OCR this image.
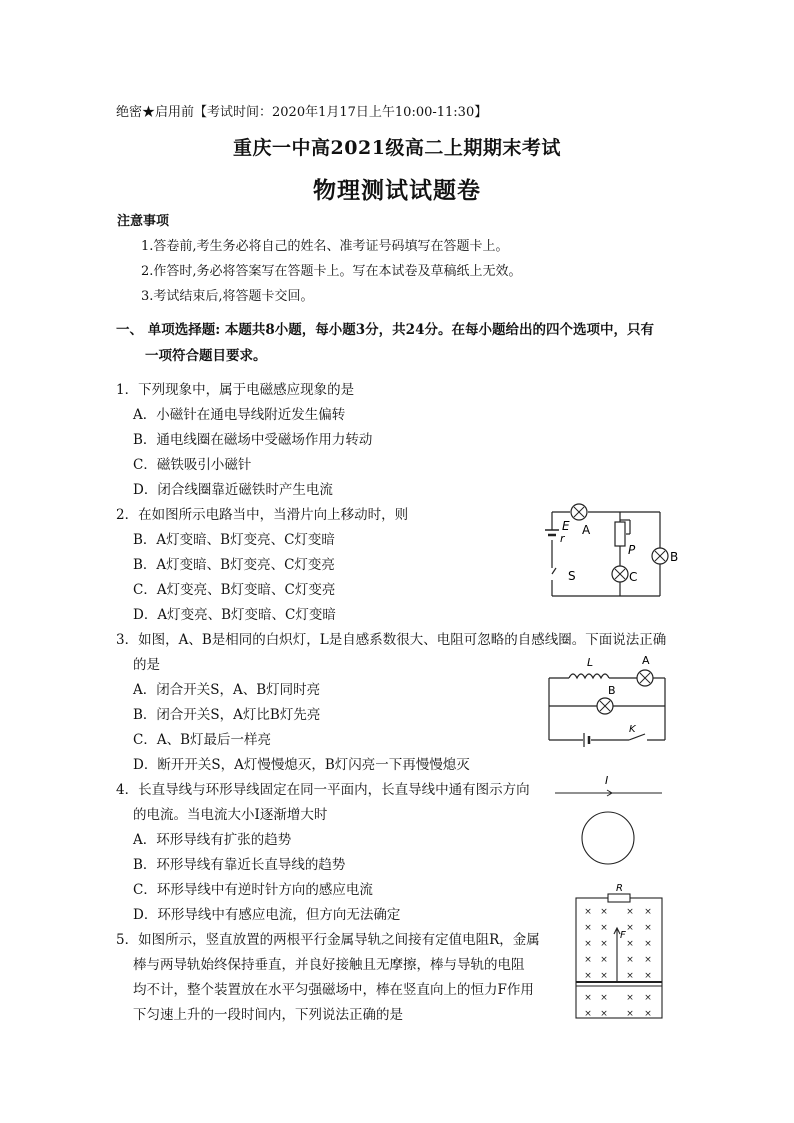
绝密★启用前【考试时间：2020年1月17日上午10:00-11:30】
重庆一中高2021级高二上期期末考试
物理测试试题卷
注意事项
1.答卷前,考生务必将自己的姓名、准考证号码填写在答题卡上。
2.作答时,务必将答案写在答题卡上。写在本试卷及草稿纸上无效。
3.考试结束后,将答题卡交回。
一、 单项选择题: 本题共8小题，每小题3分，共24分。在每小题给出的四个选项中，只有
一项符合题目要求。
1．下列现象中，属于电磁感应现象的是
A．小磁针在通电导线附近发生偏转
B．通电线圈在磁场中受磁场作用力转动
C．磁铁吸引小磁针
D．闭合线圈靠近磁铁时产生电流
2．在如图所示电路当中，当滑片向上移动时，则
B．A灯变暗、B灯变亮、C灯变暗
B．A灯变暗、B灯变亮、C灯变亮
C．A灯变亮、B灯变暗、C灯变亮
D．A灯变亮、B灯变暗、C灯变暗
3．如图，A、B是相同的白炽灯，L是自感系数很大、电阻可忽略的自感线圈。下面说法正确
的是
A．闭合开关S，A、B灯同时亮
B．闭合开关S，A灯比B灯先亮
C．A、B灯最后一样亮
D．断开开关S，A灯慢慢熄灭，B灯闪亮一下再慢慢熄灭
4．长直导线与环形导线固定在同一平面内，长直导线中通有图示方向
的电流。当电流大小I逐渐增大时
A．环形导线有扩张的趋势
B．环形导线有靠近长直导线的趋势
C．环形导线中有逆时针方向的感应电流
D．环形导线中有感应电流，但方向无法确定
5．如图所示，竖直放置的两根平行金属导轨之间接有定值电阻R，金属
棒与两导轨始终保持垂直，并良好接触且无摩擦，棒与导轨的电阻
均不计，整个装置放在水平匀强磁场中，棒在竖直向上的恒力F作用
下匀速上升的一段时间内，下列说法正确的是
E
r
A
P
S	C
B
L	A
B
K
I
× × × ×
× × × ×
× × × ×
× × × ×
× × × ×
× × × ×
× × × ×
R
F
